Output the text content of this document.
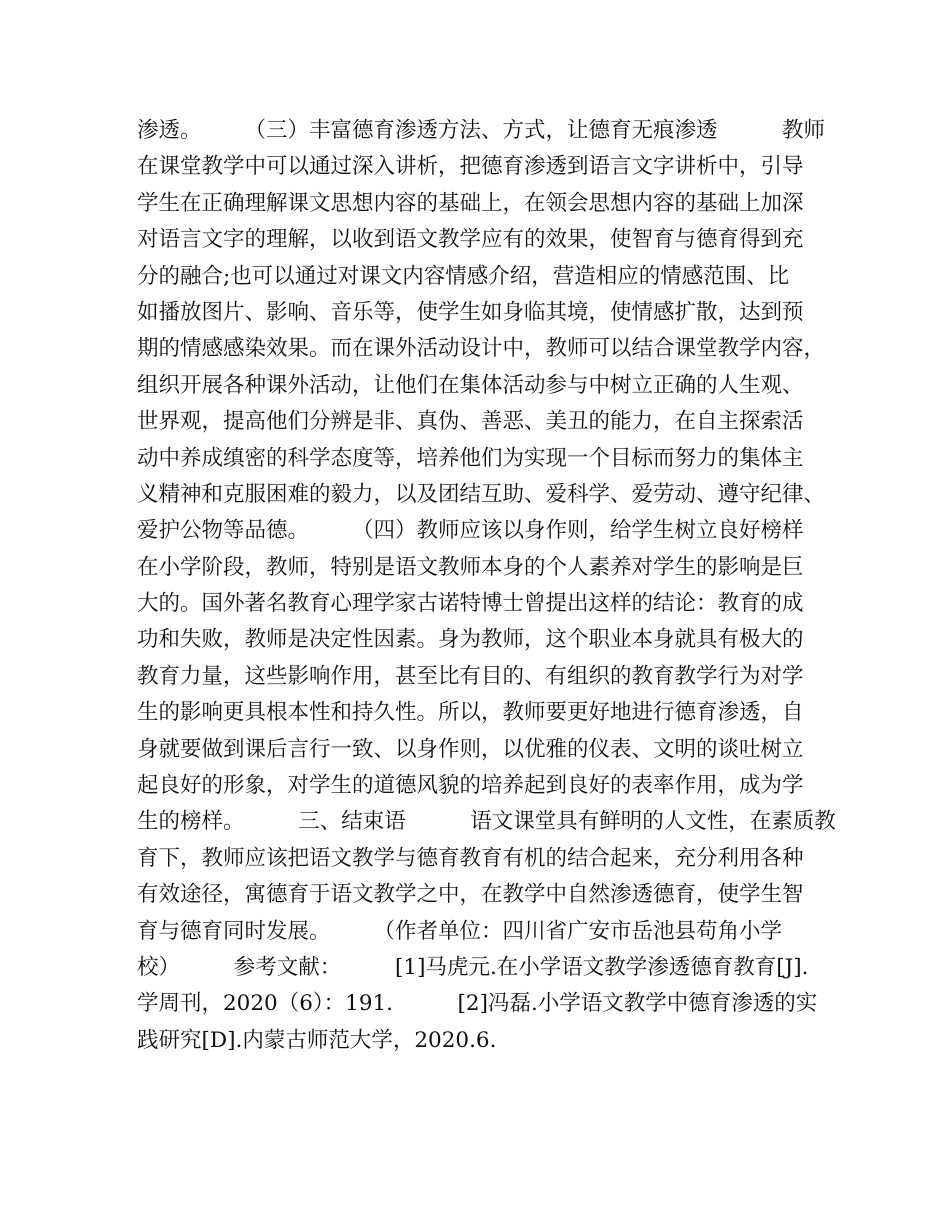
渗透。　　　（三）丰富德育渗透方法、方式，让德育无痕渗透　　　教师
在课堂教学中可以通过深入讲析，把德育渗透到语言文字讲析中，引导
学生在正确理解课文思想内容的基础上，在领会思想内容的基础上加深
对语言文字的理解，以收到语文教学应有的效果，使智育与德育得到充
分的融合;也可以通过对课文内容情感介绍，营造相应的情感范围、比
如播放图片、影响、音乐等，使学生如身临其境，使情感扩散，达到预
期的情感感染效果。而在课外活动设计中，教师可以结合课堂教学内容，
组织开展各种课外活动，让他们在集体活动参与中树立正确的人生观、
世界观，提高他们分辨是非、真伪、善恶、美丑的能力，在自主探索活
动中养成缜密的科学态度等，培养他们为实现一个目标而努力的集体主
义精神和克服困难的毅力，以及团结互助、爱科学、爱劳动、遵守纪律、
爱护公物等品德。　　　（四）教师应该以身作则，给学生树立良好榜样
在小学阶段，教师，特别是语文教师本身的个人素养对学生的影响是巨
大的。国外著名教育心理学家古诺特博士曾提出这样的结论：教育的成
功和失败，教师是决定性因素。身为教师，这个职业本身就具有极大的
教育力量，这些影响作用，甚至比有目的、有组织的教育教学行为对学
生的影响更具根本性和持久性。所以，教师要更好地进行德育渗透，自
身就要做到课后言行一致、以身作则，以优雅的仪表、文明的谈吐树立
起良好的形象，对学生的道德风貌的培养起到良好的表率作用，成为学
生的榜样。　　　三、结束语　　　语文课堂具有鲜明的人文性，在素质教
育下，教师应该把语文教学与德育教育有机的结合起来，充分利用各种
有效途径，寓德育于语文教学之中，在教学中自然渗透德育，使学生智
育与德育同时发展。　　　（作者单位：四川省广安市岳池县苟角小学
校）　　　参考文献：　　　[1]马虎元.在小学语文教学渗透德育教育[J].
学周刊，2020（6）：191.　　　[2]冯磊.小学语文教学中德育渗透的实
践研究[D].内蒙古师范大学，2020.6.
